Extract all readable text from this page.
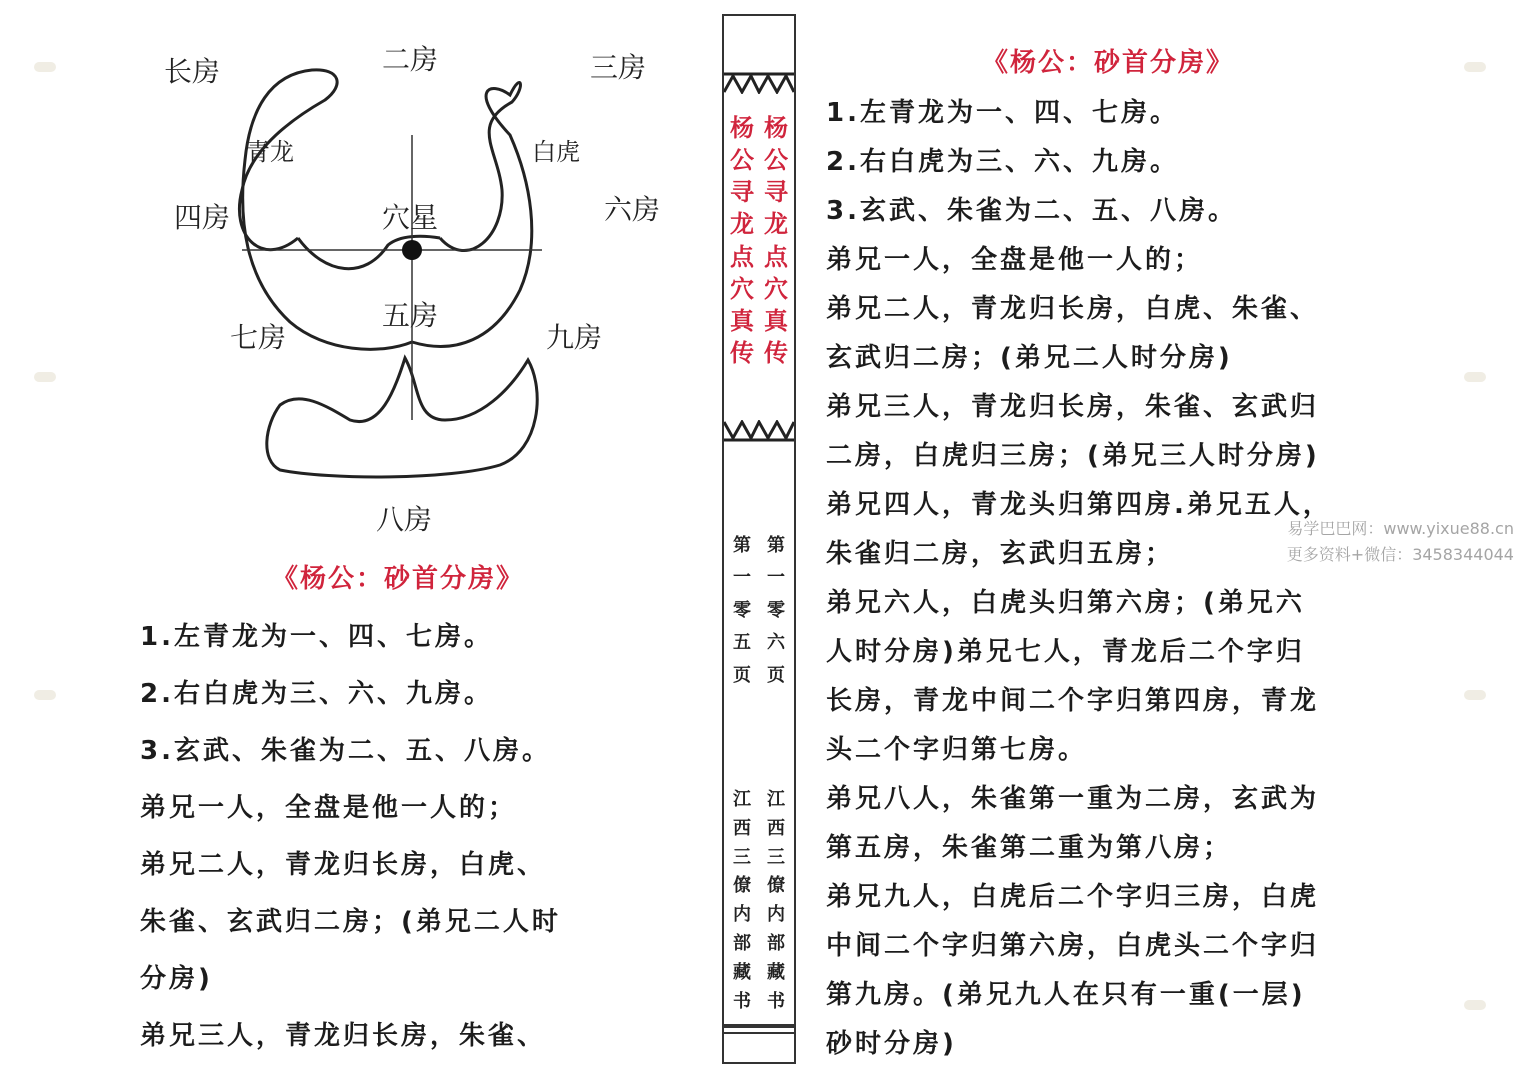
长房	二房	三房
青龙	白虎
四房	穴星	六房
五房
七房	九房
八房
《杨公：砂首分房》
1.左青龙为一、四、七房。
2.右白虎为三、六、九房。
3.玄武、朱雀为二、五、八房。
弟兄一人，全盘是他一人的；
弟兄二人，青龙归长房，白虎、
朱雀、玄武归二房；(弟兄二人时
分房)
弟兄三人，青龙归长房，朱雀、
杨公寻龙点穴真传
杨公寻龙点穴真传
第一零五页
第一零六页
江西三僚内部藏书
江西三僚内部藏书
《杨公：砂首分房》
1.左青龙为一、四、七房。
2.右白虎为三、六、九房。
3.玄武、朱雀为二、五、八房。
弟兄一人，全盘是他一人的；
弟兄二人，青龙归长房，白虎、朱雀、
玄武归二房；(弟兄二人时分房)
弟兄三人，青龙归长房，朱雀、玄武归
二房，白虎归三房；(弟兄三人时分房)
弟兄四人，青龙头归第四房.弟兄五人，
朱雀归二房，玄武归五房；
弟兄六人，白虎头归第六房；(弟兄六
人时分房)弟兄七人，青龙后二个字归
长房，青龙中间二个字归第四房，青龙
头二个字归第七房。
弟兄八人，朱雀第一重为二房，玄武为
第五房，朱雀第二重为第八房；
弟兄九人，白虎后二个字归三房，白虎
中间二个字归第六房，白虎头二个字归
第九房。(弟兄九人在只有一重(一层)
砂时分房)
易学巴巴网：www.yixue88.cn
更多资料+微信：3458344044
